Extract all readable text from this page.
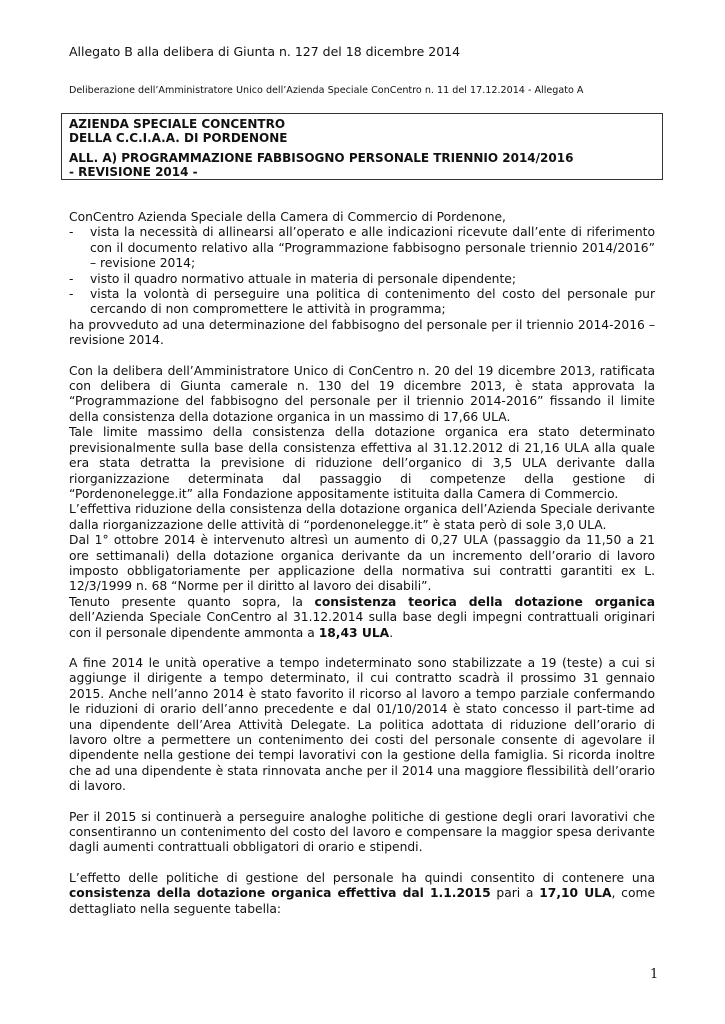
Allegato B alla delibera di Giunta n. 127 del 18 dicembre 2014
Deliberazione dell’Amministratore Unico dell’Azienda Speciale ConCentro n. 11 del 17.12.2014 - Allegato A
AZIENDA SPECIALE CONCENTRO
DELLA C.C.I.A.A. DI PORDENONE
ALL. A) PROGRAMMAZIONE FABBISOGNO PERSONALE TRIENNIO 2014/2016
- REVISIONE 2014 -

ConCentro Azienda Speciale della Camera di Commercio di Pordenone,

- vista la necessità di allinearsi all’operato e alle indicazioni ricevute dall’ente di riferimento con il documento relativo alla “Programmazione fabbisogno personale triennio 2014/2016” – revisione 2014;
- visto il quadro normativo attuale in materia di personale dipendente;
- vista la volontà di perseguire una politica di contenimento del costo del personale pur cercando di non compromettere le attività in programma;

ha provveduto ad una determinazione del fabbisogno del personale per il triennio 2014-2016 – revisione 2014.

Con la delibera dell’Amministratore Unico di ConCentro n. 20 del 19 dicembre 2013, ratificata con delibera di Giunta camerale n. 130 del 19 dicembre 2013, è stata approvata la “Programmazione del fabbisogno del personale per il triennio 2014-2016” fissando il limite della consistenza della dotazione organica in un massimo di 17,66 ULA.

Tale limite massimo della consistenza della dotazione organica era stato determinato previsionalmente sulla base della consistenza effettiva al 31.12.2012 di 21,16 ULA alla quale era stata detratta la previsione di riduzione dell’organico di 3,5 ULA derivante dalla riorganizzazione determinata dal passaggio di competenze della gestione di “Pordenonelegge.it” alla Fondazione appositamente istituita dalla Camera di Commercio.

L’effettiva riduzione della consistenza della dotazione organica dell’Azienda Speciale derivante dalla riorganizzazione delle attività di “pordenonelegge.it” è stata però di sole 3,0 ULA.

Dal 1° ottobre 2014 è intervenuto altresì un aumento di 0,27 ULA (passaggio da 11,50 a 21 ore settimanali) della dotazione organica derivante da un incremento dell’orario di lavoro imposto obbligatoriamente per applicazione della normativa sui contratti garantiti ex L. 12/3/1999 n. 68 “Norme per il diritto al lavoro dei disabili”.

Tenuto presente quanto sopra, la consistenza teorica della dotazione organica dell’Azienda Speciale ConCentro al 31.12.2014 sulla base degli impegni contrattuali originari con il personale dipendente ammonta a 18,43 ULA.

A fine 2014 le unità operative a tempo indeterminato sono stabilizzate a 19 (teste) a cui si aggiunge il dirigente a tempo determinato, il cui contratto scadrà il prossimo 31 gennaio 2015. Anche nell’anno 2014 è stato favorito il ricorso al lavoro a tempo parziale confermando le riduzioni di orario dell’anno precedente e dal 01/10/2014 è stato concesso il part-time ad una dipendente dell’Area Attività Delegate. La politica adottata di riduzione dell’orario di lavoro oltre a permettere un contenimento dei costi del personale consente di agevolare il dipendente nella gestione dei tempi lavorativi con la gestione della famiglia. Si ricorda inoltre che ad una dipendente è stata rinnovata anche per il 2014 una maggiore flessibilità dell’orario di lavoro.

Per il 2015 si continuerà a perseguire analoghe politiche di gestione degli orari lavorativi che consentiranno un contenimento del costo del lavoro e compensare la maggior spesa derivante dagli aumenti contrattuali obbligatori di orario e stipendi.

L’effetto delle politiche di gestione del personale ha quindi consentito di contenere una consistenza della dotazione organica effettiva dal 1.1.2015 pari a 17,10 ULA, come dettagliato nella seguente tabella:

1
